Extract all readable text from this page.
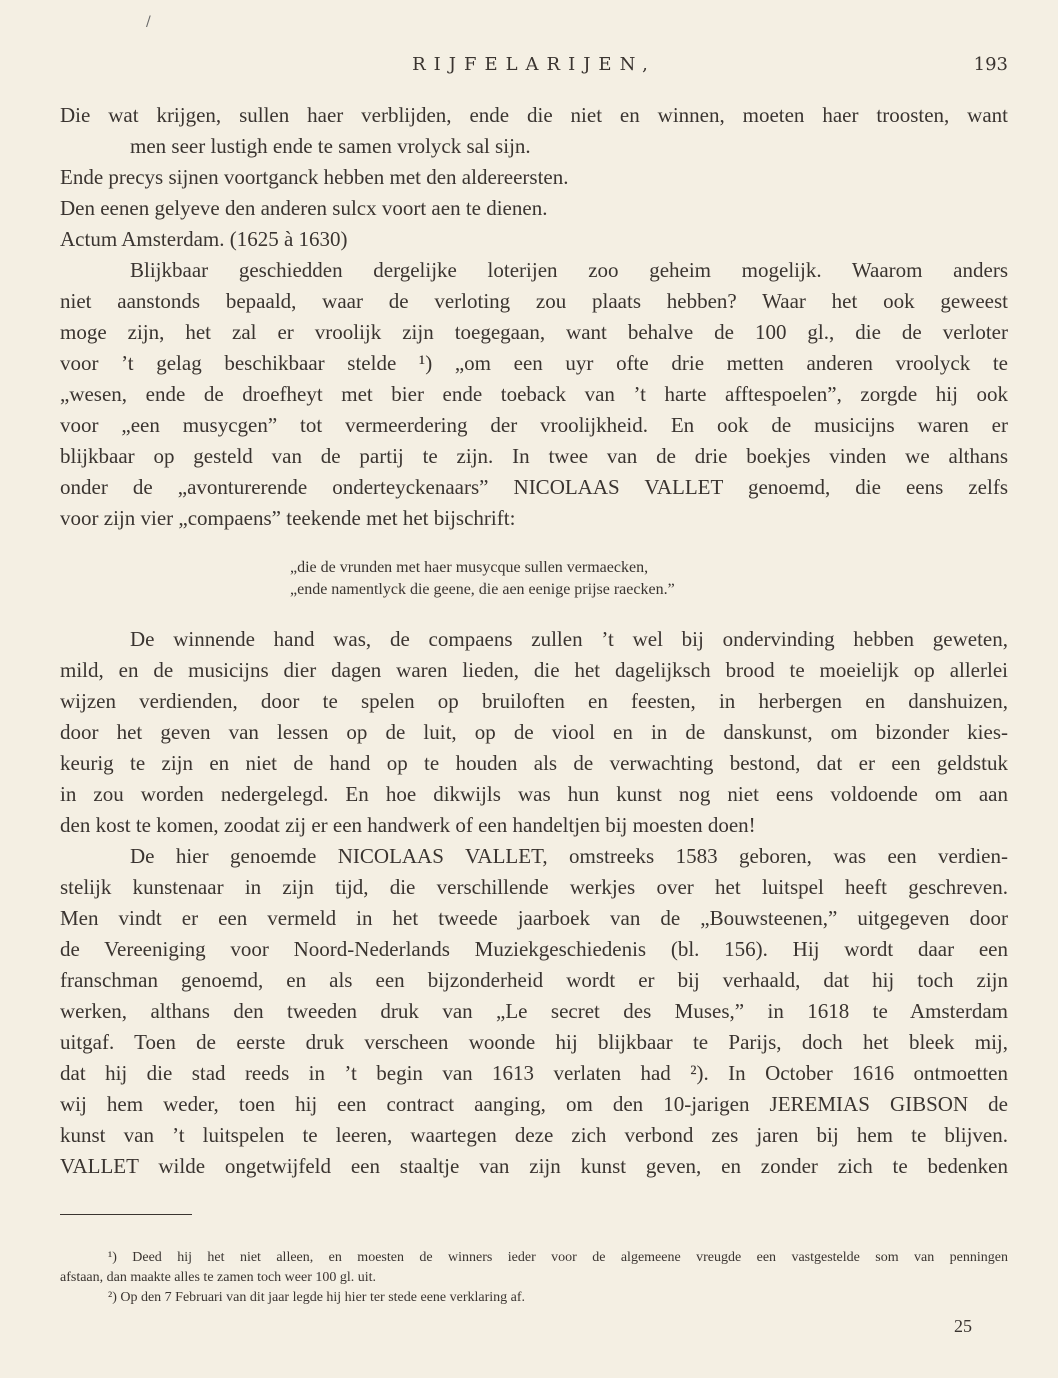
/
RIJFELARIJEN,	193
Die wat krijgen, sullen haer verblijden, ende die niet en winnen, moeten haer troosten, want
men seer lustigh ende te samen vrolyck sal sijn.
Ende precys sijnen voortganck hebben met den aldereersten.
Den eenen gelyeve den anderen sulcx voort aen te dienen.
Actum Amsterdam. (1625 à 1630)
Blijkbaar geschiedden dergelijke loterijen zoo geheim mogelijk. Waarom anders
niet aanstonds bepaald, waar de verloting zou plaats hebben? Waar het ook geweest
moge zijn, het zal er vroolijk zijn toegegaan, want behalve de 100 gl., die de verloter
voor ’t gelag beschikbaar stelde ¹) „om een uyr ofte drie metten anderen vroolyck te
„wesen, ende de droefheyt met bier ende toeback van ’t harte afftespoelen”, zorgde hij ook
voor „een musycgen” tot vermeerdering der vroolijkheid. En ook de musicijns waren er
blijkbaar op gesteld van de partij te zijn. In twee van de drie boekjes vinden we althans
onder de „avonturerende onderteyckenaars” NICOLAAS VALLET genoemd, die eens zelfs
voor zijn vier „compaens” teekende met het bijschrift:
„die de vrunden met haer musycque sullen vermaecken,
„ende namentlyck die geene, die aen eenige prijse raecken.”
De winnende hand was, de compaens zullen ’t wel bij ondervinding hebben geweten,
mild, en de musicijns dier dagen waren lieden, die het dagelijksch brood te moeielijk op allerlei
wijzen verdienden, door te spelen op bruiloften en feesten, in herbergen en danshuizen,
door het geven van lessen op de luit, op de viool en in de danskunst, om bizonder kies-
keurig te zijn en niet de hand op te houden als de verwachting bestond, dat er een geldstuk
in zou worden nedergelegd. En hoe dikwijls was hun kunst nog niet eens voldoende om aan
den kost te komen, zoodat zij er een handwerk of een handeltjen bij moesten doen!
De hier genoemde NICOLAAS VALLET, omstreeks 1583 geboren, was een verdien-
stelijk kunstenaar in zijn tijd, die verschillende werkjes over het luitspel heeft geschreven.
Men vindt er een vermeld in het tweede jaarboek van de „Bouwsteenen,” uitgegeven door
de Vereeniging voor Noord-Nederlands Muziekgeschiedenis (bl. 156). Hij wordt daar een
franschman genoemd, en als een bijzonderheid wordt er bij verhaald, dat hij toch zijn
werken, althans den tweeden druk van „Le secret des Muses,” in 1618 te Amsterdam
uitgaf. Toen de eerste druk verscheen woonde hij blijkbaar te Parijs, doch het bleek mij,
dat hij die stad reeds in ’t begin van 1613 verlaten had ²). In October 1616 ontmoetten
wij hem weder, toen hij een contract aanging, om den 10-jarigen JEREMIAS GIBSON de
kunst van ’t luitspelen te leeren, waartegen deze zich verbond zes jaren bij hem te blijven.
VALLET wilde ongetwijfeld een staaltje van zijn kunst geven, en zonder zich te bedenken
¹) Deed hij het niet alleen, en moesten de winners ieder voor de algemeene vreugde een vastgestelde som van penningen
afstaan, dan maakte alles te zamen toch weer 100 gl. uit.
²) Op den 7 Februari van dit jaar legde hij hier ter stede eene verklaring af.
25
